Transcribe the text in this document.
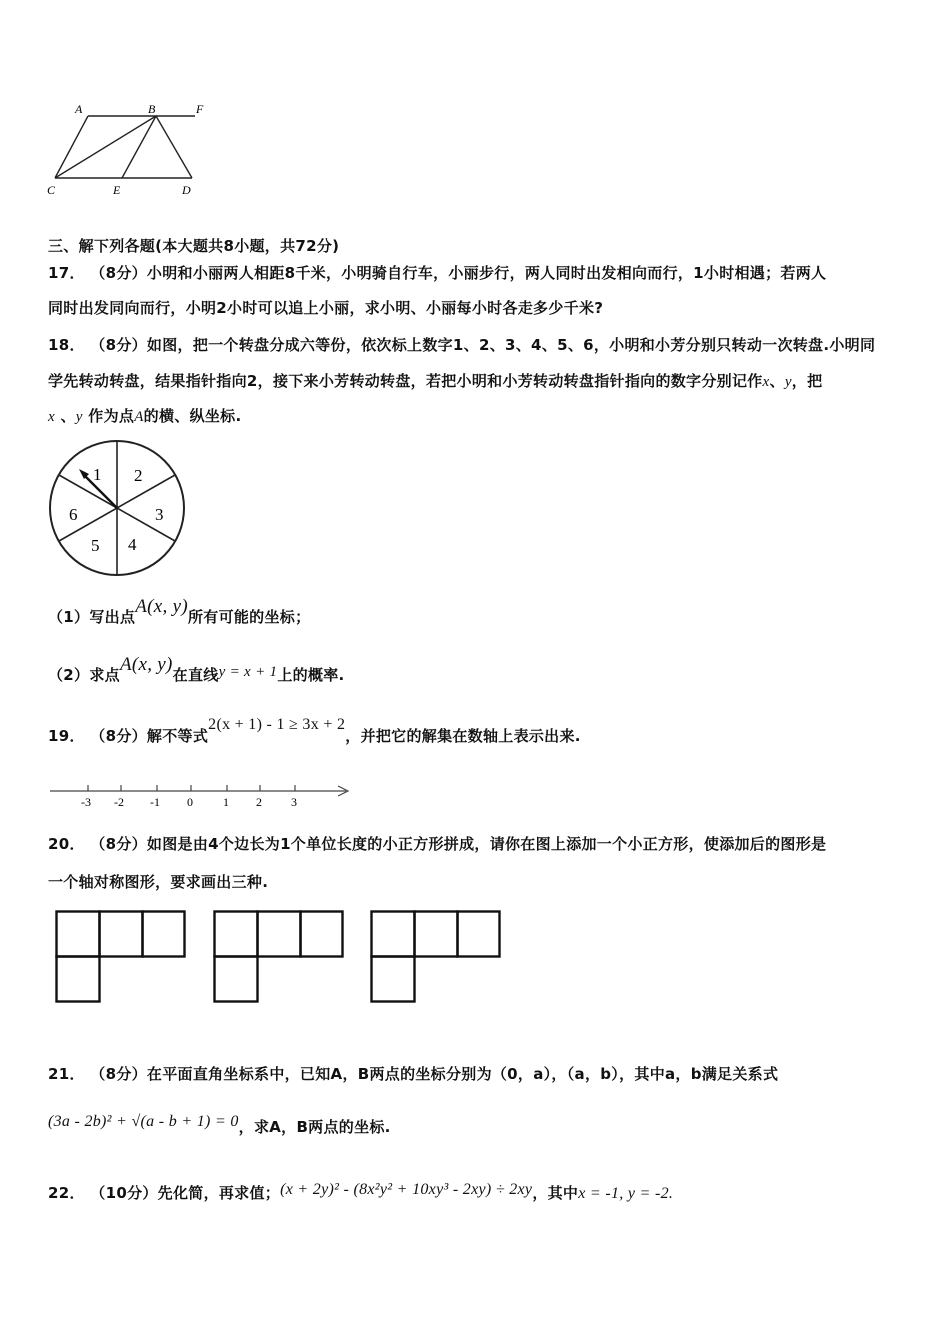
A	B	F
C	E	D
三、解下列各题(本大题共8小题，共72分)
17． （8分）小明和小丽两人相距8千米，小明骑自行车，小丽步行，两人同时出发相向而行，1小时相遇；若两人
同时出发同向而行，小明2小时可以追上小丽，求小明、小丽每小时各走多少千米?
18． （8分）如图，把一个转盘分成六等份，依次标上数字1、2、3、4、5、6，小明和小芳分别只转动一次转盘.小明同
学先转动转盘，结果指针指向2，接下来小芳转动转盘，若把小明和小芳转动转盘指针指向的数字分别记作x、y，把
x 、y 作为点A的横、纵坐标.
1 2
3
4
5
6
（1）写出点A(x, y)所有可能的坐标；
（2）求点A(x, y)在直线y = x + 1上的概率.
19． （8分）解不等式2(x + 1) - 1 ≥ 3x + 2，并把它的解集在数轴上表示出来.
-3 -2 -1 0	1 2 3
20． （8分）如图是由4个边长为1个单位长度的小正方形拼成，请你在图上添加一个小正方形，使添加后的图形是
一个轴对称图形，要求画出三种.
21． （8分）在平面直角坐标系中，已知A，B两点的坐标分别为（0，a），（a，b），其中a，b满足关系式
(3a - 2b)² + √(a - b + 1) = 0，求A，B两点的坐标.
22． （10分）先化简，再求值；(x + 2y)² - (8x²y² + 10xy³ - 2xy) ÷ 2xy，其中x = -1, y = -2.
